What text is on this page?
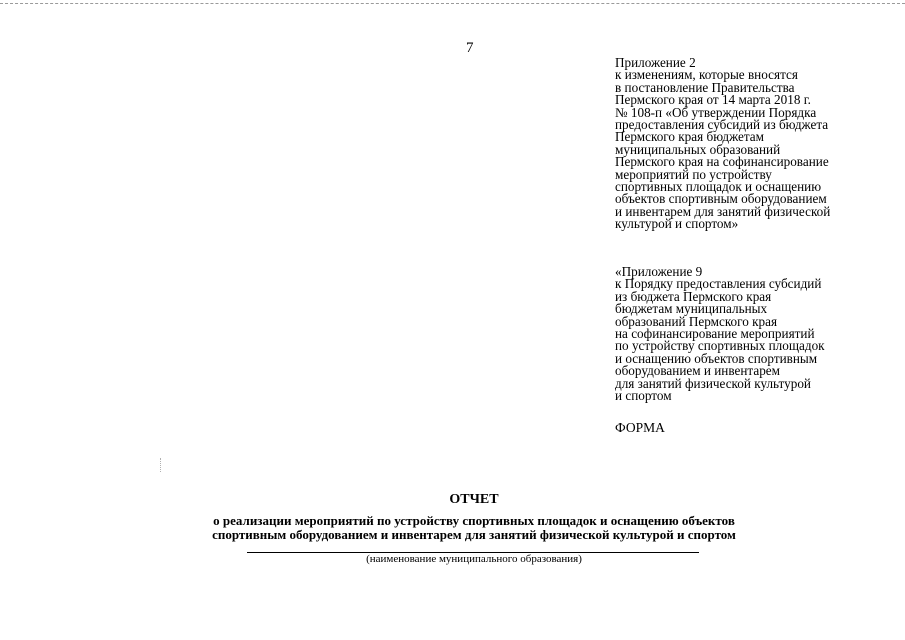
7
Приложение 2
к изменениям, которые вносятся
в постановление Правительства
Пермского края от 14 марта 2018 г.
№ 108-п «Об утверждении Порядка
предоставления субсидий из бюджета
Пермского края бюджетам
муниципальных образований
Пермского края на софинансирование
мероприятий по устройству
спортивных площадок и оснащению
объектов спортивным оборудованием
и инвентарем для занятий физической
культурой и спортом»
«Приложение 9
к Порядку предоставления субсидий
из бюджета Пермского края
бюджетам муниципальных
образований Пермского края
на софинансирование мероприятий
по устройству спортивных площадок
и оснащению объектов спортивным
оборудованием и инвентарем
для занятий физической культурой
и спортом
ФОРМА
ОТЧЕТ
о реализации мероприятий по устройству спортивных площадок и оснащению объектов
спортивным оборудованием и инвентарем для занятий физической культурой и спортом
(наименование муниципального образования)
